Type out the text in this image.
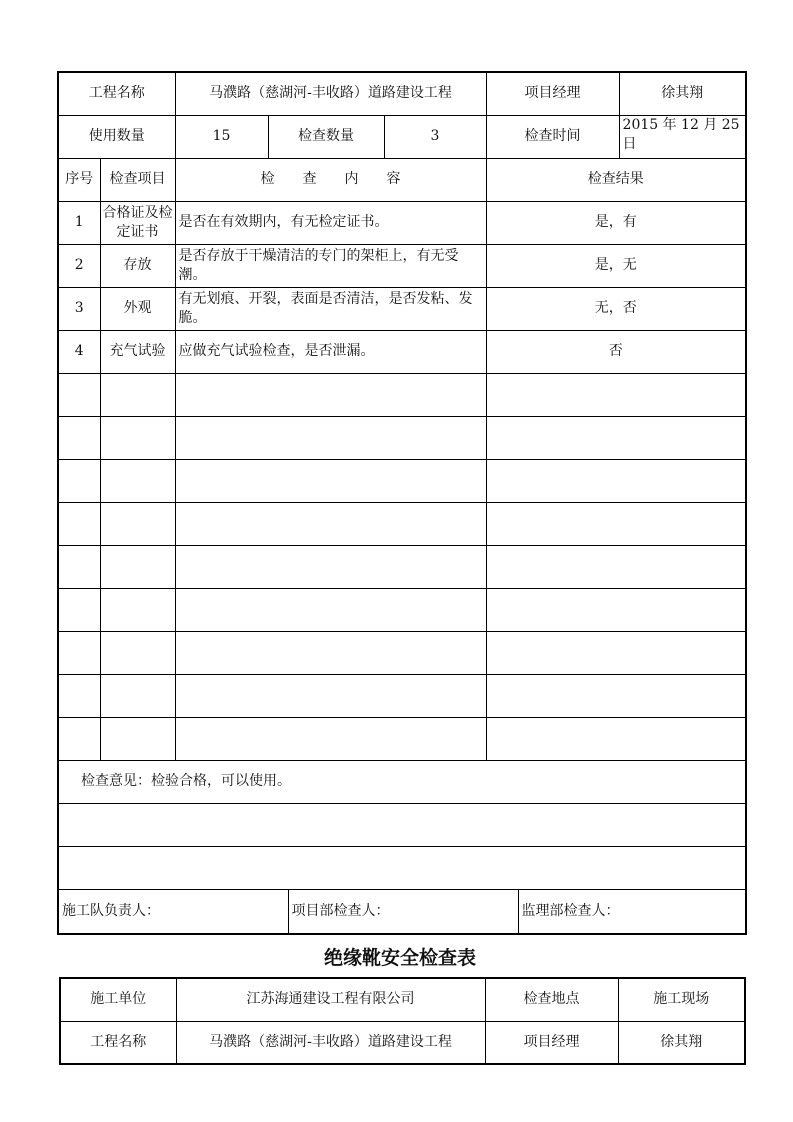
工程名称	马濮路（慈湖河-丰收路）道路建设工程	项目经理	徐其翔
使用数量	15	检查数量	3	检查时间	2015 年 12 月 25 日
序号	检查项目	检　　查　　内　　容	检查结果
1	合格证及检定证书	是否在有效期内，有无检定证书。	是，有
2	存放	是否存放于干燥清洁的专门的架柜上，有无受潮。	是，无
3	外观	有无划痕、开裂，表面是否清洁，是否发粘、发脆。	无，否
4	充气试验	应做充气试验检查，是否泄漏。	否

检查意见：检验合格，可以使用。

施工队负责人：	项目部检查人：	监理部检查人：
绝缘靴安全检查表
施工单位	江苏海通建设工程有限公司	检查地点	施工现场
工程名称	马濮路（慈湖河-丰收路）道路建设工程	项目经理	徐其翔
